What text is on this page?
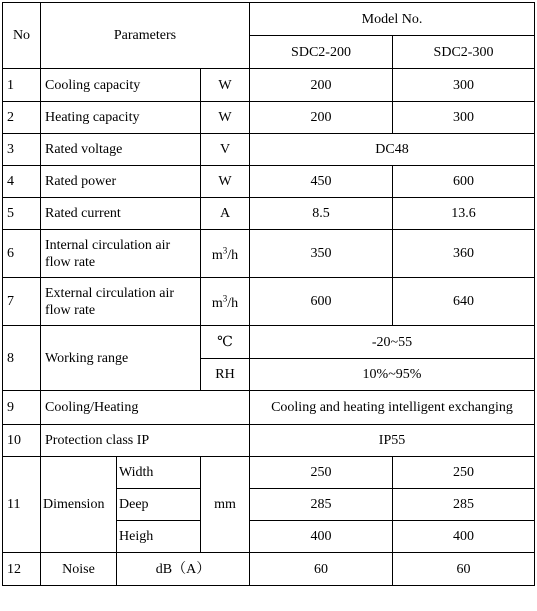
No	Parameters			Model No.	
				SDC2-200	SDC2-300
1	Cooling capacity		W	200	300
2	Heating capacity		W	200	300
3	Rated voltage		V	DC48	
4	Rated power		W	450	600
5	Rated current		A	8.5	13.6
6	Internal circulation air flow rate		$m^3/h$	350	360
7	External circulation air flow rate		$m^3/h$	600	640
8	Working range		℃	-20~55	
			RH	10%~95%	
9	Cooling/Heating			Cooling and heating intelligent exchanging	
10	Protection class IP			IP55	
11	Dimension	Width	mm	250	250
		Deep		285	285
		Heigh		400	400
12	Noise	dB（A）		60	60
